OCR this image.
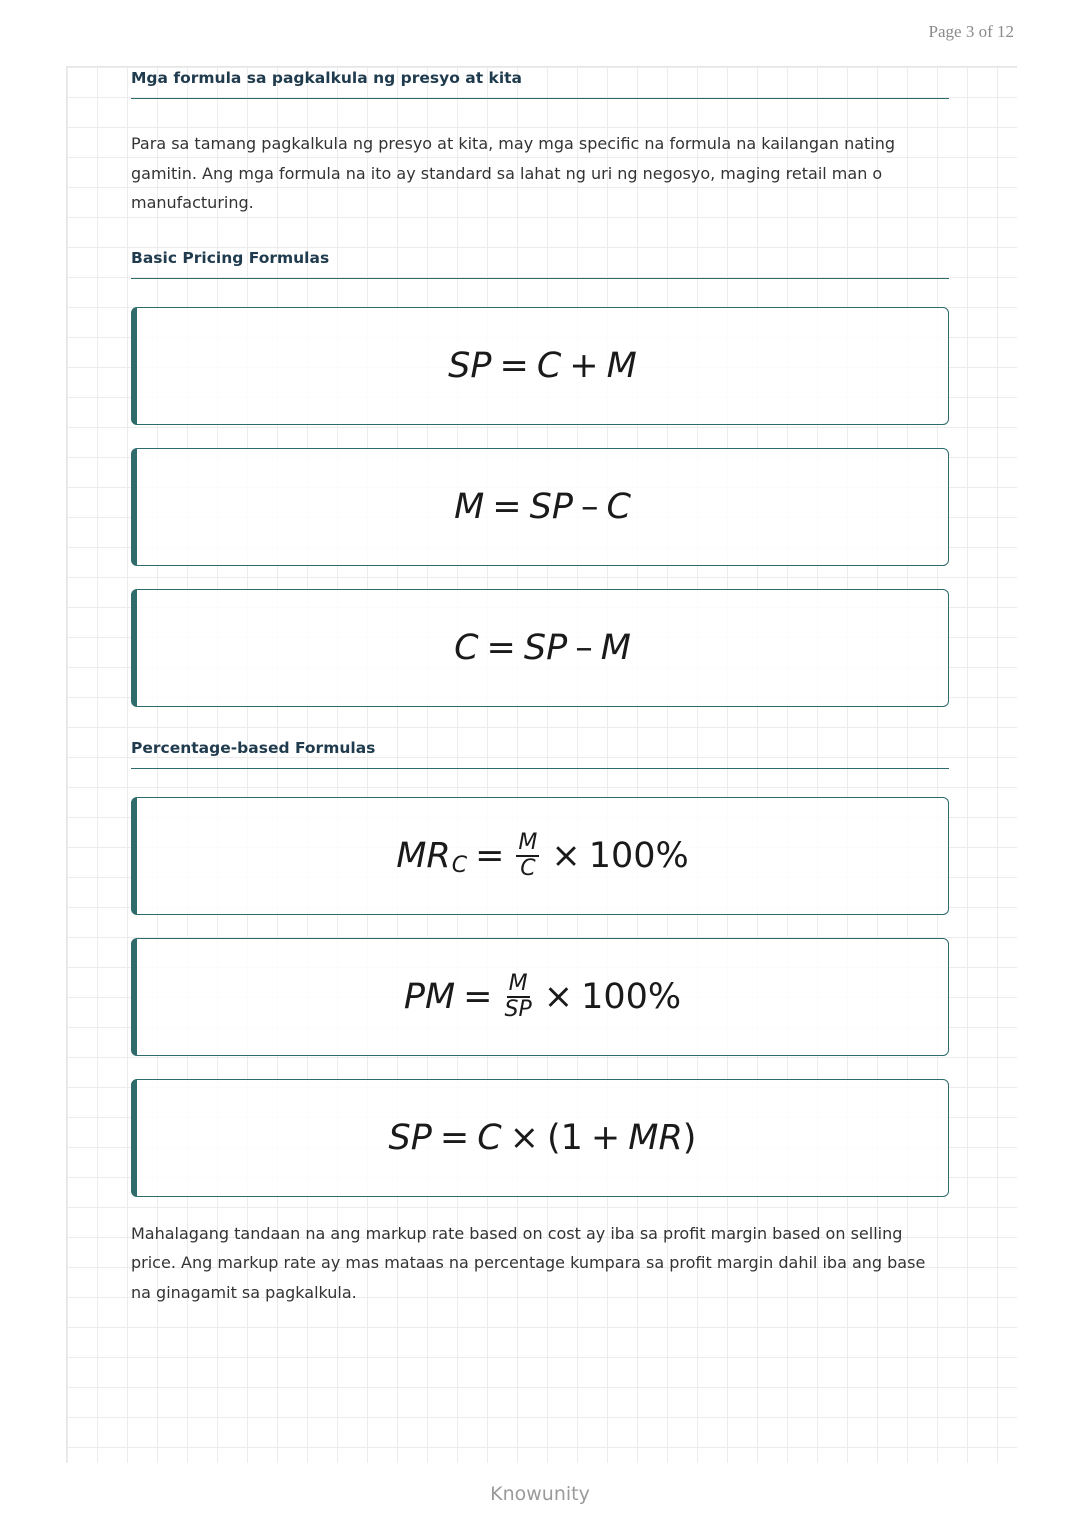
Page 3 of 12
Mga formula sa pagkalkula ng presyo at kita

Para sa tamang pagkalkula ng presyo at kita, may mga specific na formula na kailangan nating gamitin. Ang mga formula na ito ay standard sa lahat ng uri ng negosyo, maging retail man o manufacturing.

Basic Pricing Formulas
SP = C + M
M = SP – C
C = SP – M
Percentage-based Formulas
MR $C = \frac{M}{C} \times 100\%$
PM = $\frac{M}{SP} \times 100\%$
SP = C × (1 + MR )

Mahalagang tandaan na ang markup rate based on cost ay iba sa profit margin based on selling price. Ang markup rate ay mas mataas na percentage kumpara sa profit margin dahil iba ang base na ginagamit sa pagkalkula.

Knowunity
